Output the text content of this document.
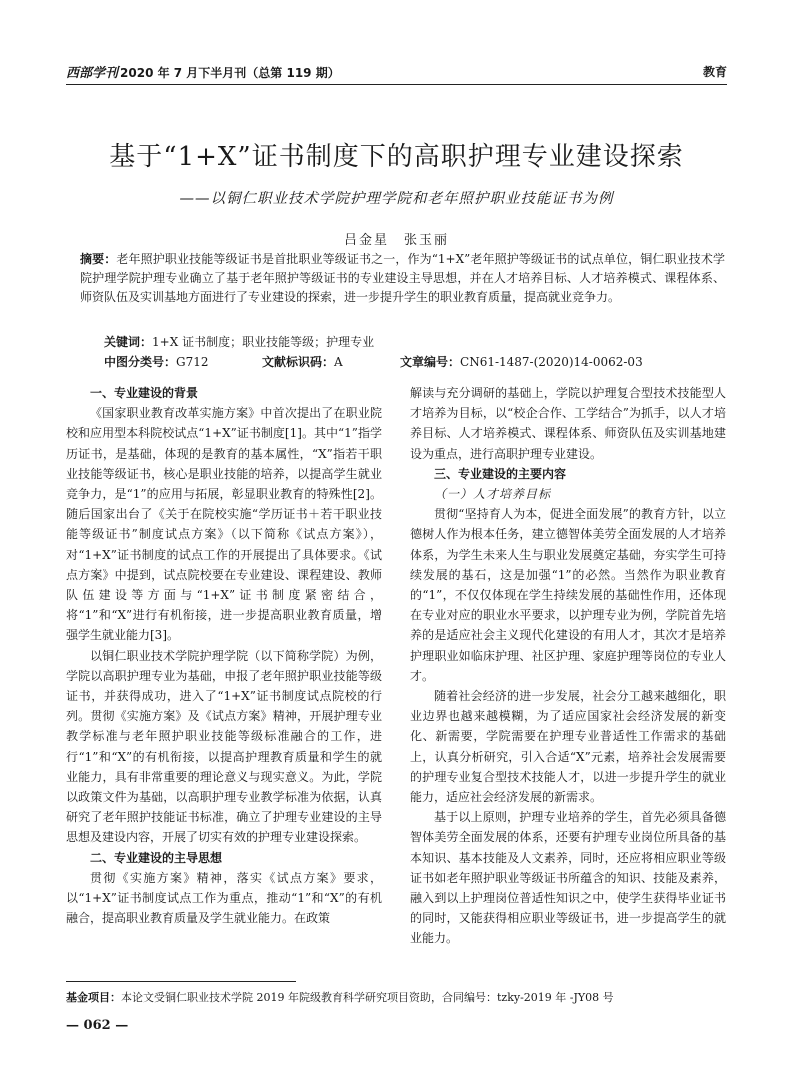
西部学刊 2020 年 7 月下半月刊（总第 119 期）	教育
基于“1+X”证书制度下的高职护理专业建设探索
——以铜仁职业技术学院护理学院和老年照护职业技能证书为例
吕金星　张玉丽
摘要：老年照护职业技能等级证书是首批职业等级证书之一，作为“1+X”老年照护等级证书的试点单位，铜仁职业技术学院护理学院护理专业确立了基于老年照护等级证书的专业建设主导思想，并在人才培养目标、人才培养模式、课程体系、师资队伍及实训基地方面进行了专业建设的探索，进一步提升学生的职业教育质量，提高就业竞争力。
关键词：1+X 证书制度；职业技能等级；护理专业
中图分类号：G712	文献标识码：A	文章编号：CN61-1487-(2020)14-0062-03
一、专业建设的背景

《国家职业教育改革实施方案》中首次提出了在职业院校和应用型本科院校试点“1+X”证书制度[1]。其中“1”指学历证书，是基础，体现的是教育的基本属性，“X”指若干职业技能等级证书，核心是职业技能的培养，以提高学生就业竞争力，是“1”的应用与拓展，彰显职业教育的特殊性[2]。随后国家出台了《关于在院校实施“学历证书＋若干职业技能等级证书”制度试点方案》（以下简称《试点方案》），对“1+X”证书制度的试点工作的开展提出了具体要求。《试点方案》中提到，试点院校要在专业建设、课程建设、教师队伍建设等方面与“1+X”证书制度紧密结合，将“1”和“X”进行有机衔接，进一步提高职业教育质量，增强学生就业能力[3]。

以铜仁职业技术学院护理学院（以下简称学院）为例，学院以高职护理专业为基础，申报了老年照护职业技能等级证书，并获得成功，进入了“1+X”证书制度试点院校的行列。贯彻《实施方案》及《试点方案》精神，开展护理专业教学标准与老年照护职业技能等级标准融合的工作，进行“1”和“X”的有机衔接，以提高护理教育质量和学生的就业能力，具有非常重要的理论意义与现实意义。为此，学院以政策文件为基础，以高职护理专业教学标准为依据，认真研究了老年照护技能证书标准，确立了护理专业建设的主导思想及建设内容，开展了切实有效的护理专业建设探索。

二、专业建设的主导思想

贯彻《实施方案》精神，落实《试点方案》要求，以“1+X”证书制度试点工作为重点，推动“1”和“X”的有机融合，提高职业教育质量及学生就业能力。在政策

解读与充分调研的基础上，学院以护理复合型技术技能型人才培养为目标，以“校企合作、工学结合”为抓手，以人才培养目标、人才培养模式、课程体系、师资队伍及实训基地建设为重点，进行高职护理专业建设。

三、专业建设的主要内容
（一）人才培养目标

贯彻“坚持育人为本，促进全面发展”的教育方针，以立德树人作为根本任务，建立德智体美劳全面发展的人才培养体系，为学生未来人生与职业发展奠定基础，夯实学生可持续发展的基石，这是加强“1”的必然。当然作为职业教育的“1”，不仅仅体现在学生持续发展的基础性作用，还体现在专业对应的职业水平要求，以护理专业为例，学院首先培养的是适应社会主义现代化建设的有用人才，其次才是培养护理职业如临床护理、社区护理、家庭护理等岗位的专业人才。

随着社会经济的进一步发展，社会分工越来越细化，职业边界也越来越模糊，为了适应国家社会经济发展的新变化、新需要，学院需要在护理专业普适性工作需求的基础上，认真分析研究，引入合适“X”元素，培养社会发展需要的护理专业复合型技术技能人才，以进一步提升学生的就业能力，适应社会经济发展的新需求。

基于以上原则，护理专业培养的学生，首先必须具备德智体美劳全面发展的体系，还要有护理专业岗位所具备的基本知识、基本技能及人文素养，同时，还应将相应职业等级证书如老年照护职业等级证书所蕴含的知识、技能及素养，融入到以上护理岗位普适性知识之中，使学生获得毕业证书的同时，又能获得相应职业等级证书，进一步提高学生的就业能力。

基金项目：本论文受铜仁职业技术学院 2019 年院级教育科学研究项目资助，合同编号：tzky-2019 年 -JY08 号
— 062 —
